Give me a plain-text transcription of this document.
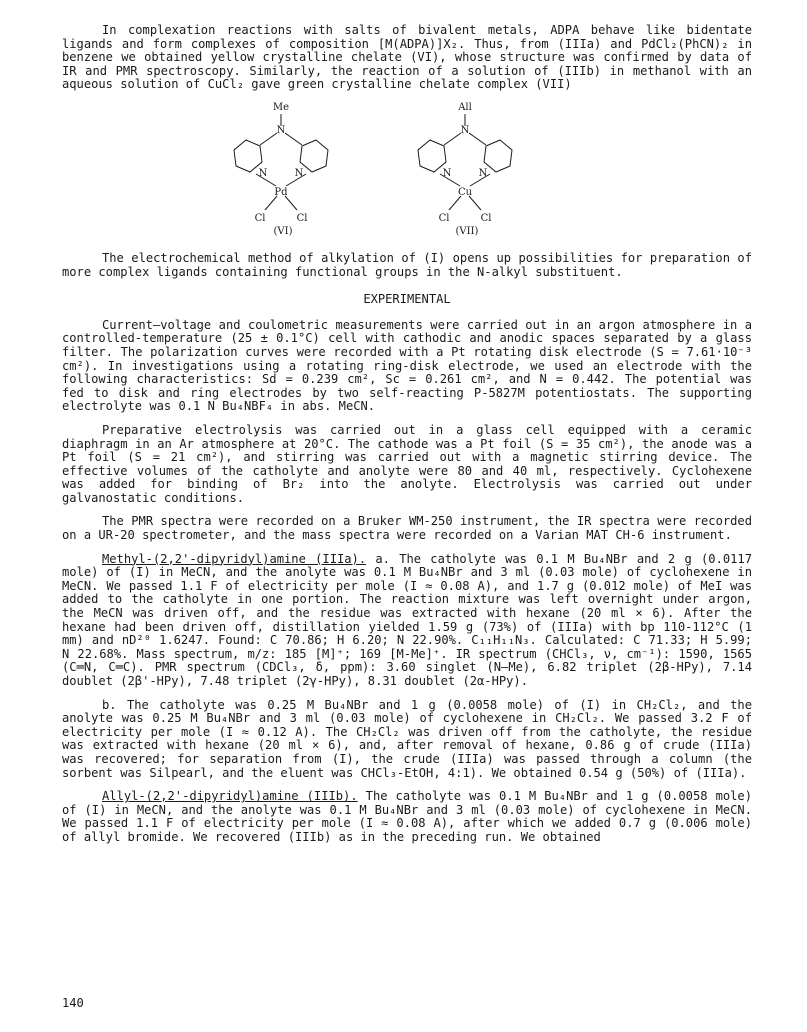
In complexation reactions with salts of bivalent metals, ADPA behave like bidentate ligands and form complexes of composition [M(ADPA)]X₂. Thus, from (IIIa) and PdCl₂(PhCN)₂ in benzene we obtained yellow crystalline chelate (VI), whose structure was confirmed by data of IR and PMR spectroscopy. Similarly, the reaction of a solution of (IIIb) in methanol with an aqueous solution of CuCl₂ gave green crystalline chelate complex (VII)

Me
N
N	N
Pd
Cl	Cl
(VI)
All
N
N	N
Cu
Cl	Cl
(VII)

The electrochemical method of alkylation of (I) opens up possibilities for preparation of more complex ligands containing functional groups in the N-alkyl substituent.

EXPERIMENTAL

Current—voltage and coulometric measurements were carried out in an argon atmosphere in a controlled-temperature (25 ± 0.1°C) cell with cathodic and anodic spaces separated by a glass filter. The polarization curves were recorded with a Pt rotating disk electrode (S = 7.61·10⁻³ cm²). In investigations using a rotating ring-disk electrode, we used an electrode with the following characteristics: Sd = 0.239 cm², Sc = 0.261 cm², and N = 0.442. The potential was fed to disk and ring electrodes by two self-reacting P-5827M potentiostats. The supporting electrolyte was 0.1 N Bu₄NBF₄ in abs. MeCN.

Preparative electrolysis was carried out in a glass cell equipped with a ceramic diaphragm in an Ar atmosphere at 20°C. The cathode was a Pt foil (S = 35 cm²), the anode was a Pt foil (S = 21 cm²), and stirring was carried out with a magnetic stirring device. The effective volumes of the catholyte and anolyte were 80 and 40 ml, respectively. Cyclohexene was added for binding of Br₂ into the anolyte. Electrolysis was carried out under galvanostatic conditions.

The PMR spectra were recorded on a Bruker WM-250 instrument, the IR spectra were recorded on a UR-20 spectrometer, and the mass spectra were recorded on a Varian MAT CH-6 instrument.

Methyl-(2,2'-dipyridyl)amine (IIIa). a. The catholyte was 0.1 M Bu₄NBr and 2 g (0.0117 mole) of (I) in MeCN, and the anolyte was 0.1 M Bu₄NBr and 3 ml (0.03 mole) of cyclohexene in MeCN. We passed 1.1 F of electricity per mole (I ≈ 0.08 A), and 1.7 g (0.012 mole) of MeI was added to the catholyte in one portion. The reaction mixture was left overnight under argon, the MeCN was driven off, and the residue was extracted with hexane (20 ml × 6). After the hexane had been driven off, distillation yielded 1.59 g (73%) of (IIIa) with bp 110-112°C (1 mm) and nD²⁰ 1.6247. Found: C 70.86; H 6.20; N 22.90%. C₁₁H₁₁N₃. Calculated: C 71.33; H 5.99; N 22.68%. Mass spectrum, m/z: 185 [M]⁺; 169 [M-Me]⁺. IR spectrum (CHCl₃, ν, cm⁻¹): 1590, 1565 (C═N, C═C). PMR spectrum (CDCl₃, δ, ppm): 3.60 singlet (N—Me), 6.82 triplet (2β-HPy), 7.14 doublet (2β'-HPy), 7.48 triplet (2γ-HPy), 8.31 doublet (2α-HPy).

b. The catholyte was 0.25 M Bu₄NBr and 1 g (0.0058 mole) of (I) in CH₂Cl₂, and the anolyte was 0.25 M Bu₄NBr and 3 ml (0.03 mole) of cyclohexene in CH₂Cl₂. We passed 3.2 F of electricity per mole (I ≈ 0.12 A). The CH₂Cl₂ was driven off from the catholyte, the residue was extracted with hexane (20 ml × 6), and, after removal of hexane, 0.86 g of crude (IIIa) was recovered; for separation from (I), the crude (IIIa) was passed through a column (the sorbent was Silpearl, and the eluent was CHCl₃-EtOH, 4:1). We obtained 0.54 g (50%) of (IIIa).

Allyl-(2,2'-dipyridyl)amine (IIIb). The catholyte was 0.1 M Bu₄NBr and 1 g (0.0058 mole) of (I) in MeCN, and the anolyte was 0.1 M Bu₄NBr and 3 ml (0.03 mole) of cyclohexene in MeCN. We passed 1.1 F of electricity per mole (I ≈ 0.08 A), after which we added 0.7 g (0.006 mole) of allyl bromide. We recovered (IIIb) as in the preceding run. We obtained

140
